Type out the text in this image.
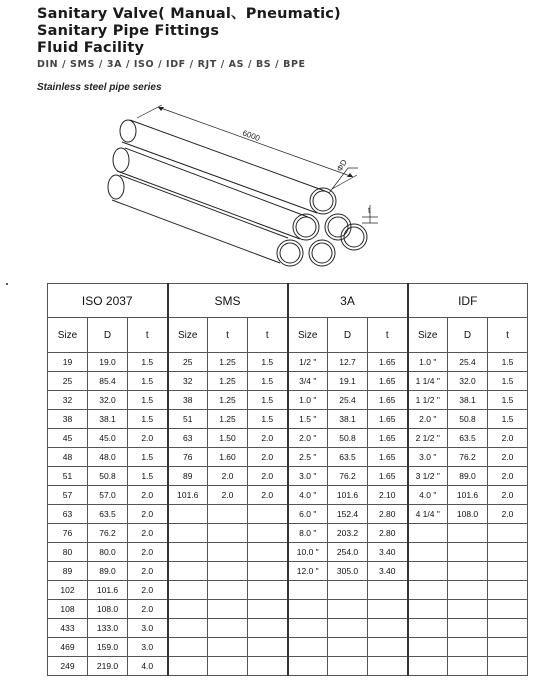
Sanitary Valve( Manual、Pneumatic)
Sanitary Pipe Fittings
Fluid Facility
DIN / SMS / 3A / ISO / IDF / RJT / AS / BS / BPE
Stainless steel pipe series
6000
ΦD
t
ISO 2037			SMS			3A			IDF		
Size	D	t	Size	t	t	Size	D	t	Size	D	t
19	19.0	1.5	25	1.25	1.5	1/2 "	12.7	1.65	1.0 "	25.4	1.5
25	85.4	1.5	32	1.25	1.5	3/4 "	19.1	1.65	1 1/4 "	32.0	1.5
32	32.0	1.5	38	1.25	1.5	1.0 "	25.4	1.65	1 1/2 "	38.1	1.5
38	38.1	1.5	51	1.25	1.5	1.5 "	38.1	1.65	2.0 "	50.8	1.5
45	45.0	2.0	63	1.50	2.0	2.0 "	50.8	1.65	2 1/2 "	63.5	2.0
48	48.0	1.5	76	1.60	2.0	2.5 "	63.5	1.65	3.0 "	76.2	2.0
51	50.8	1.5	89	2.0	2.0	3.0 "	76.2	1.65	3 1/2 "	89.0	2.0
57	57.0	2.0	101.6	2.0	2.0	4.0 "	101.6	2.10	4.0 "	101.6	2.0
63	63.5	2.0				6.0 "	152.4	2.80	4 1/4 "	108.0	2.0
76	76.2	2.0				8.0 "	203.2	2.80			
80	80.0	2.0				10.0 "	254.0	3.40			
89	89.0	2.0				12.0 "	305.0	3.40			
102	101.6	2.0									
108	108.0	2.0									
433	133.0	3.0									
469	159.0	3.0									
249	219.0	4.0									
